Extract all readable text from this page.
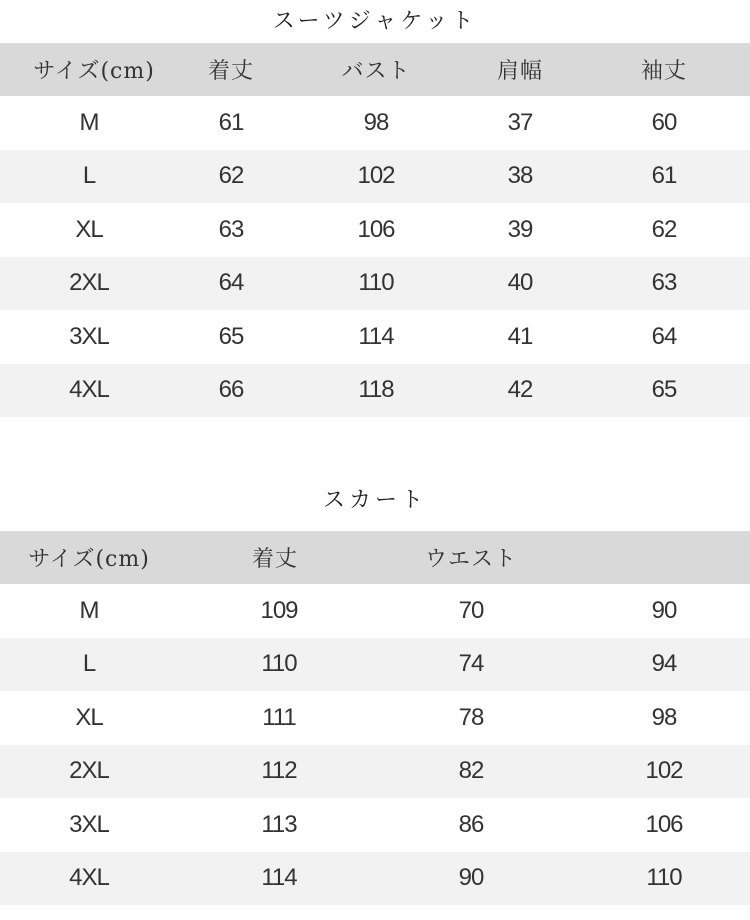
スーツジャケット
サイズ(cm) 着丈	バスト	肩幅	袖丈
M	61	98	37	60
L	62	102	38	61
XL	63	106	39	62
2XL	64	110	40	63
3XL	65	114	41	64
4XL	66	118	42	65
スカート
サイズ(cm)	着丈	ウエスト
M	109	70	90
L	110	74	94
XL	111	78	98
2XL	112	82	102
3XL	113	86	106
4XL	114	90	110
